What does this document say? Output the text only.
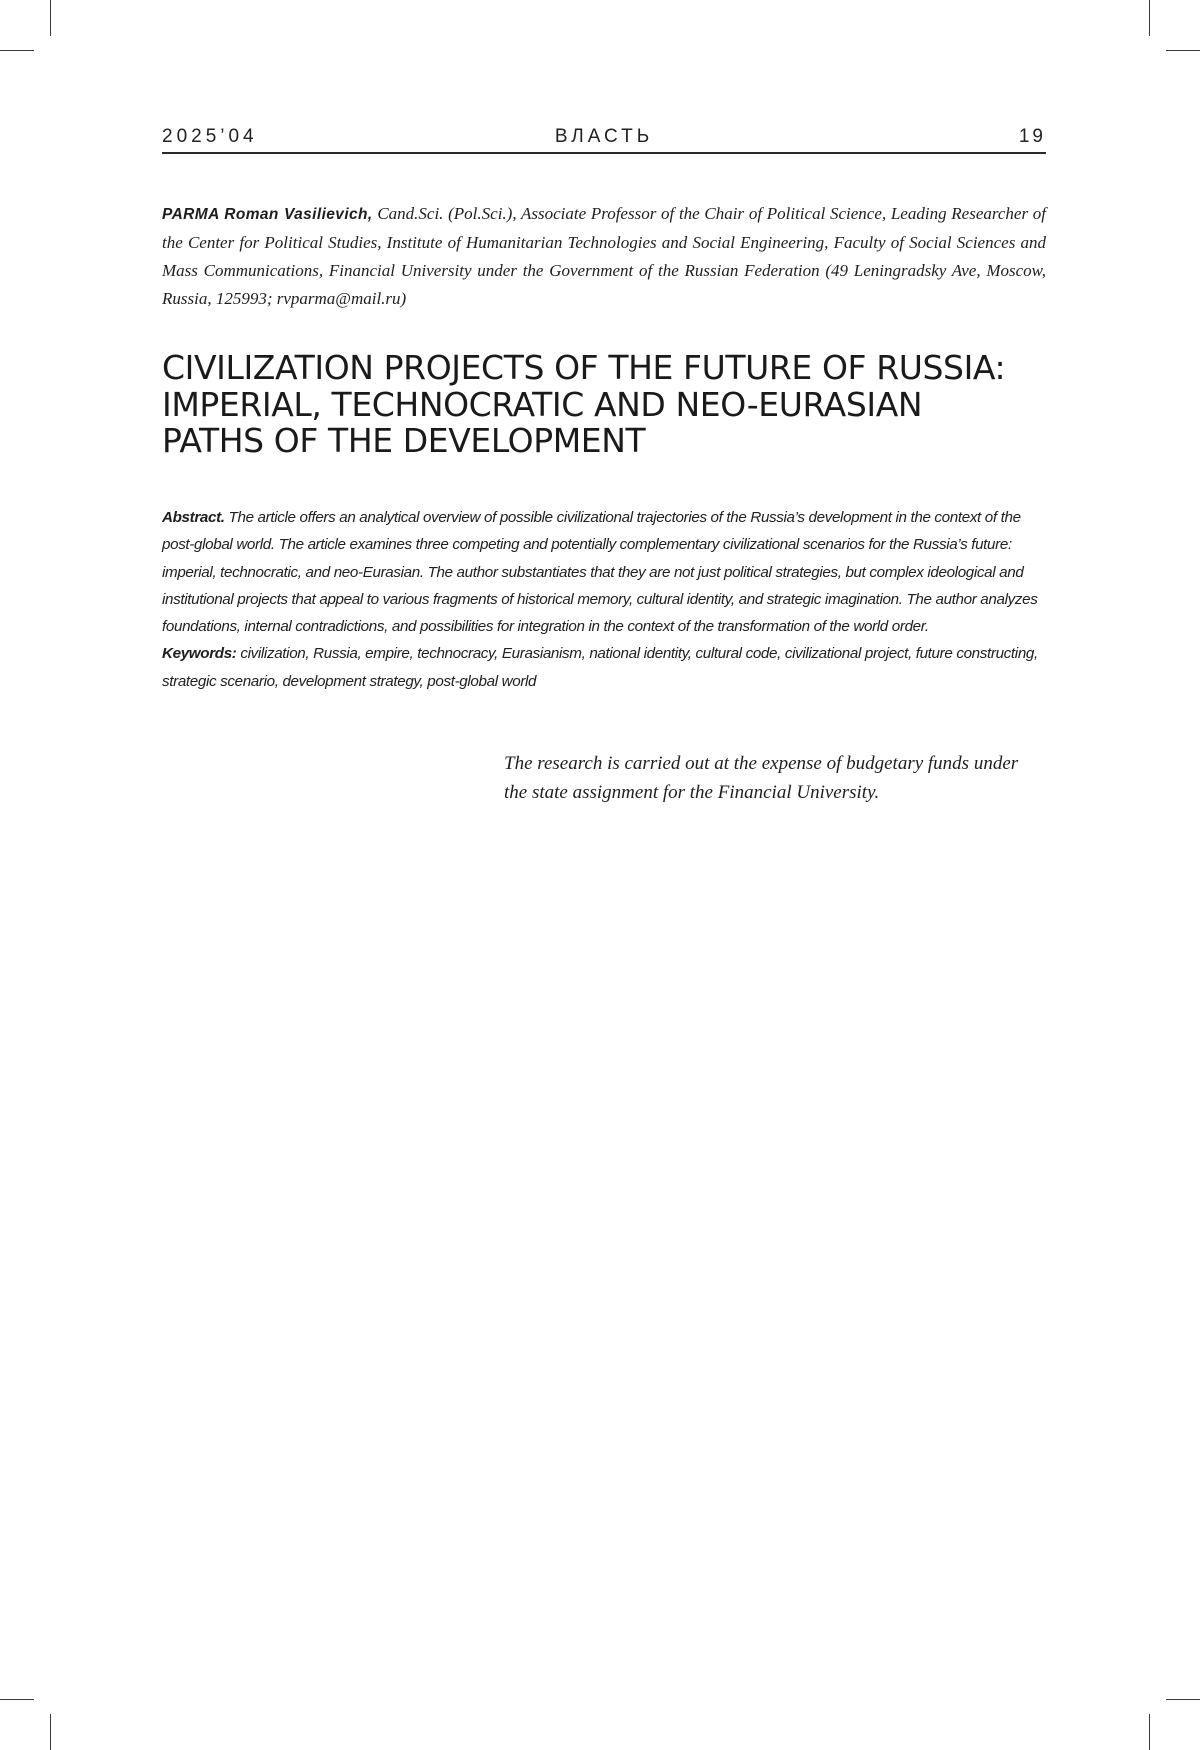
2025’04	ВЛАСТЬ	19
PARMA Roman Vasilievich, Cand.Sci. (Pol.Sci.), Associate Professor of the Chair of Political Science, Leading Researcher of the Center for Political Studies, Institute of Humanitarian Technologies and Social Engineering, Faculty of Social Sciences and Mass Communications, Financial University under the Government of the Russian Federation (49 Leningradsky Ave, Moscow, Russia, 125993; rvparma@mail.ru)
CIVILIZATION PROJECTS OF THE FUTURE OF RUSSIA:
IMPERIAL, TECHNOCRATIC AND NEO-EURASIAN
PATHS OF THE DEVELOPMENT

Abstract. The article offers an analytical overview of possible civilizational trajectories of the Russia’s development in the context of the post-global world. The article examines three competing and potentially complementary civilizational scenarios for the Russia’s future: imperial, technocratic, and neo-Eurasian. The author substantiates that they are not just political strategies, but complex ideological and institutional projects that appeal to various fragments of historical memory, cultural identity, and strategic imagination. The author analyzes foundations, internal contradictions, and possibilities for integration in the context of the transformation of the world order.

Keywords: civilization, Russia, empire, technocracy, Eurasianism, national identity, cultural code, civilizational project, future constructing, strategic scenario, development strategy, post-global world

The research is carried out at the expense of budgetary funds under
the state assignment for the Financial University.
